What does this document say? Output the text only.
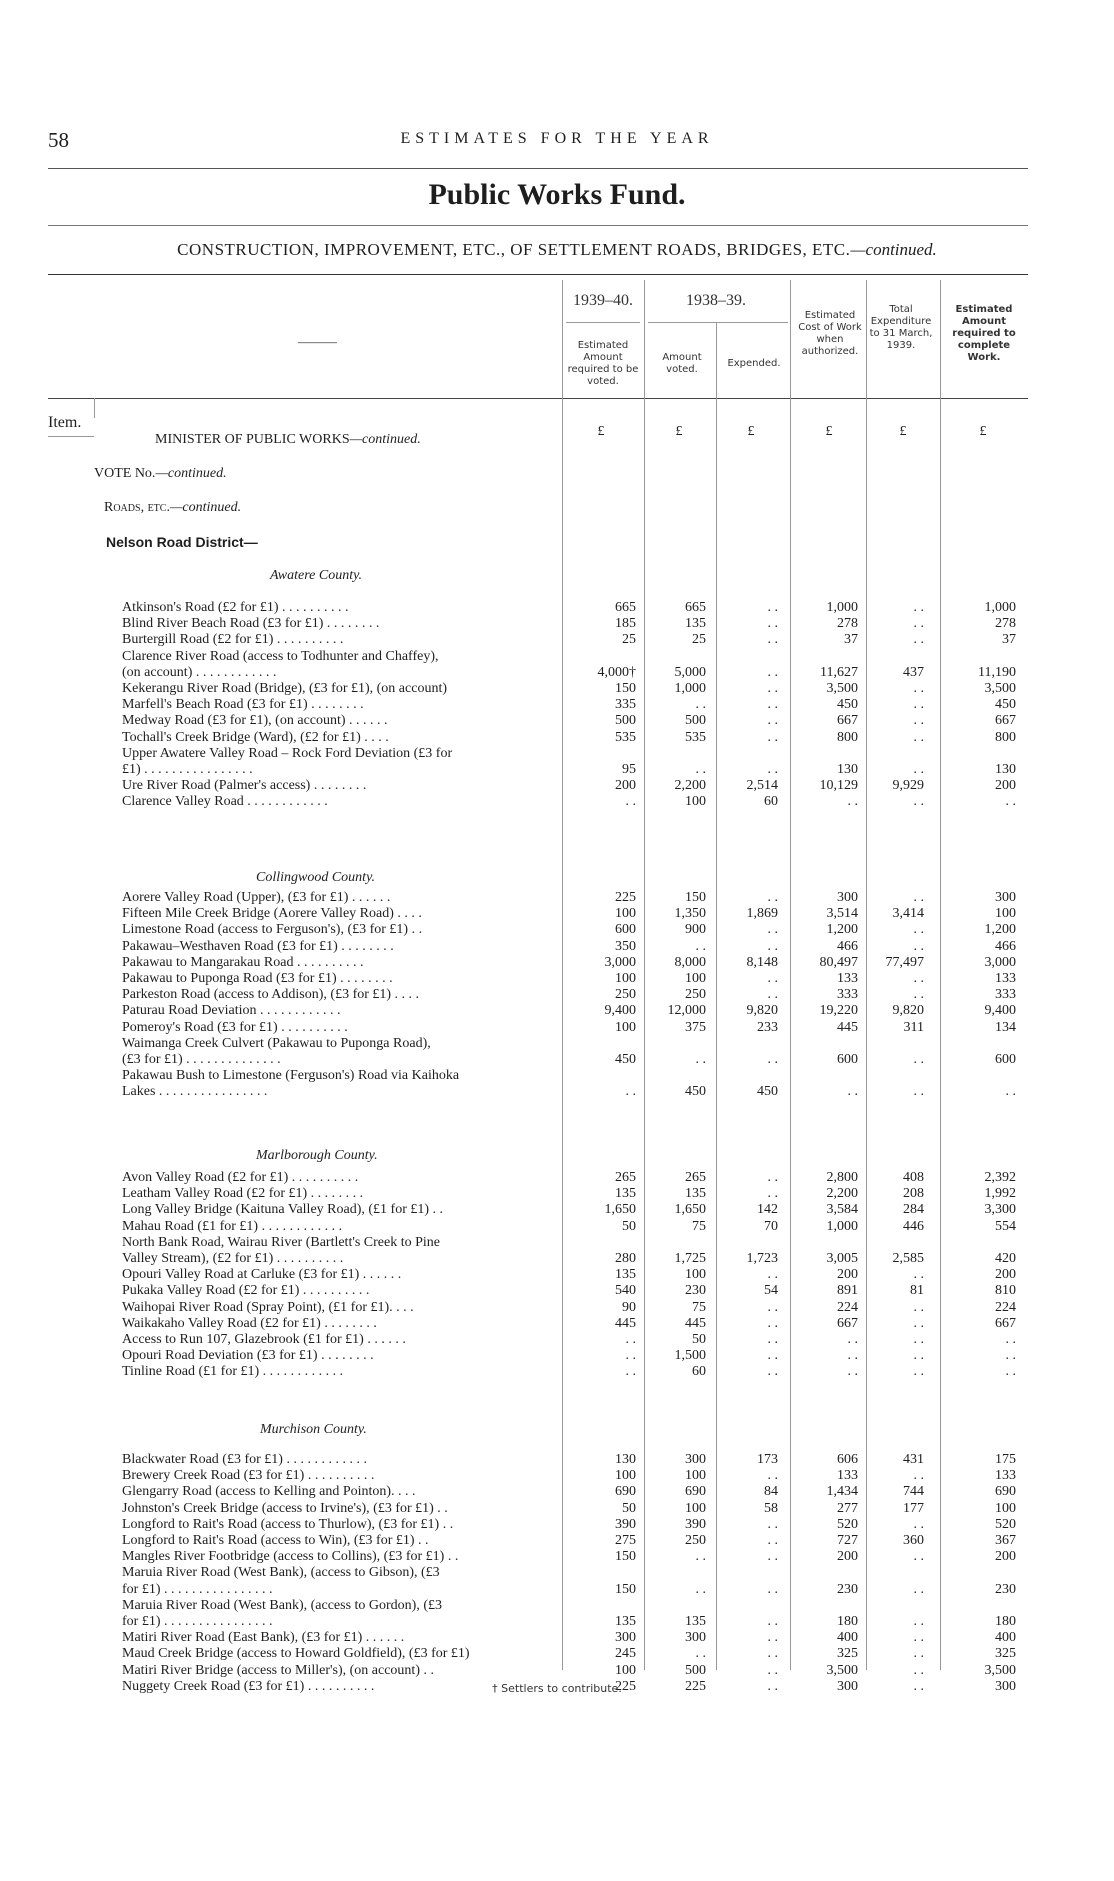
58	ESTIMATES FOR THE YEAR
Public Works Fund.
CONSTRUCTION, IMPROVEMENT, ETC., OF SETTLEMENT ROADS, BRIDGES, ETC.—continued.
———
1939–40.	1938–39.
Estimated Amount required to be voted.
Amount voted.
Expended.
Estimated Cost of Work when authorized.
Total Expenditure to 31 March, 1939.
Estimated Amount required to complete Work.
Item.
£	£	£	£	£	£
MINISTER OF PUBLIC WORKS—continued.
VOTE No.—continued.
Roads, etc.—continued.
Nelson Road District—
Awatere County.
Atkinson's Road (£2 for £1) . . . . . . . . . .	665	665	. .	1,000	. .	1,000
Blind River Beach Road (£3 for £1) . . . . . . . .	185	135	. .	278	. .	278
Burtergill Road (£2 for £1) . . . . . . . . . .	25	25	. .	37	. .	37
Clarence River Road (access to Todhunter and Chaffey),
(on account) . . . . . . . . . . . .	4,000†	5,000	. .	11,627	437	11,190
Kekerangu River Road (Bridge), (£3 for £1), (on account)	150	1,000	. .	3,500	. .	3,500
Marfell's Beach Road (£3 for £1) . . . . . . . .	335	. .	. .	450	. .	450
Medway Road (£3 for £1), (on account) . . . . . .	500	500	. .	667	. .	667
Tochall's Creek Bridge (Ward), (£2 for £1) . . . .	535	535	. .	800	. .	800
Upper Awatere Valley Road – Rock Ford Deviation (£3 for
£1) . . . . . . . . . . . . . . . .	95	. .	. .	130	. .	130
Ure River Road (Palmer's access) . . . . . . . .	200	2,200	2,514	10,129	9,929	200
Clarence Valley Road . . . . . . . . . . . .	. .	100	60	. .	. .	. .
Collingwood County.
Aorere Valley Road (Upper), (£3 for £1) . . . . . .	225	150	. .	300	. .	300
Fifteen Mile Creek Bridge (Aorere Valley Road) . . . .	100	1,350	1,869	3,514	3,414	100
Limestone Road (access to Ferguson's), (£3 for £1) . .	600	900	. .	1,200	. .	1,200
Pakawau–Westhaven Road (£3 for £1) . . . . . . . .	350	. .	. .	466	. .	466
Pakawau to Mangarakau Road . . . . . . . . . .	3,000	8,000	8,148	80,497	77,497	3,000
Pakawau to Puponga Road (£3 for £1) . . . . . . . .	100	100	. .	133	. .	133
Parkeston Road (access to Addison), (£3 for £1) . . . .	250	250	. .	333	. .	333
Paturau Road Deviation . . . . . . . . . . . .	9,400	12,000	9,820	19,220	9,820	9,400
Pomeroy's Road (£3 for £1) . . . . . . . . . .	100	375	233	445	311	134
Waimanga Creek Culvert (Pakawau to Puponga Road),
(£3 for £1) . . . . . . . . . . . . . .	450	. .	. .	600	. .	600
Pakawau Bush to Limestone (Ferguson's) Road via Kaihoka
Lakes . . . . . . . . . . . . . . . .	. .	450	450	. .	. .	. .
Marlborough County.
Avon Valley Road (£2 for £1) . . . . . . . . . .	265	265	. .	2,800	408	2,392
Leatham Valley Road (£2 for £1) . . . . . . . .	135	135	. .	2,200	208	1,992
Long Valley Bridge (Kaituna Valley Road), (£1 for £1) . .	1,650	1,650	142	3,584	284	3,300
Mahau Road (£1 for £1) . . . . . . . . . . . .	50	75	70	1,000	446	554
North Bank Road, Wairau River (Bartlett's Creek to Pine
Valley Stream), (£2 for £1) . . . . . . . . . .	280	1,725	1,723	3,005	2,585	420
Opouri Valley Road at Carluke (£3 for £1) . . . . . .	135	100	. .	200	. .	200
Pukaka Valley Road (£2 for £1) . . . . . . . . . .	540	230	54	891	81	810
Waihopai River Road (Spray Point), (£1 for £1). . . .	90	75	. .	224	. .	224
Waikakaho Valley Road (£2 for £1) . . . . . . . .	445	445	. .	667	. .	667
Access to Run 107, Glazebrook (£1 for £1) . . . . . .	. .	50	. .	. .	. .	. .
Opouri Road Deviation (£3 for £1) . . . . . . . .	. .	1,500	. .	. .	. .	. .
Tinline Road (£1 for £1) . . . . . . . . . . . .	. .	60	. .	. .	. .	. .
Murchison County.
Blackwater Road (£3 for £1) . . . . . . . . . . . .	130	300	173	606	431	175
Brewery Creek Road (£3 for £1) . . . . . . . . . .	100	100	. .	133	. .	133
Glengarry Road (access to Kelling and Pointon). . . .	690	690	84	1,434	744	690
Johnston's Creek Bridge (access to Irvine's), (£3 for £1) . .	50	100	58	277	177	100
Longford to Rait's Road (access to Thurlow), (£3 for £1) . .	390	390	. .	520	. .	520
Longford to Rait's Road (access to Win), (£3 for £1) . .	275	250	. .	727	360	367
Mangles River Footbridge (access to Collins), (£3 for £1) . .	150	. .	. .	200	. .	200
Maruia River Road (West Bank), (access to Gibson), (£3
for £1) . . . . . . . . . . . . . . . .	150	. .	. .	230	. .	230
Maruia River Road (West Bank), (access to Gordon), (£3
for £1) . . . . . . . . . . . . . . . .	135	135	. .	180	. .	180
Matiri River Road (East Bank), (£3 for £1) . . . . . .	300	300	. .	400	. .	400
Maud Creek Bridge (access to Howard Goldfield), (£3 for £1)	245	. .	. .	325	. .	325
Matiri River Bridge (access to Miller's), (on account) . .	100	500	. .	3,500	. .	3,500
Nuggety Creek Road (£3 for £1) . . . . . . . . . .	225	225	. .	300	. .	300
† Settlers to contribute.
